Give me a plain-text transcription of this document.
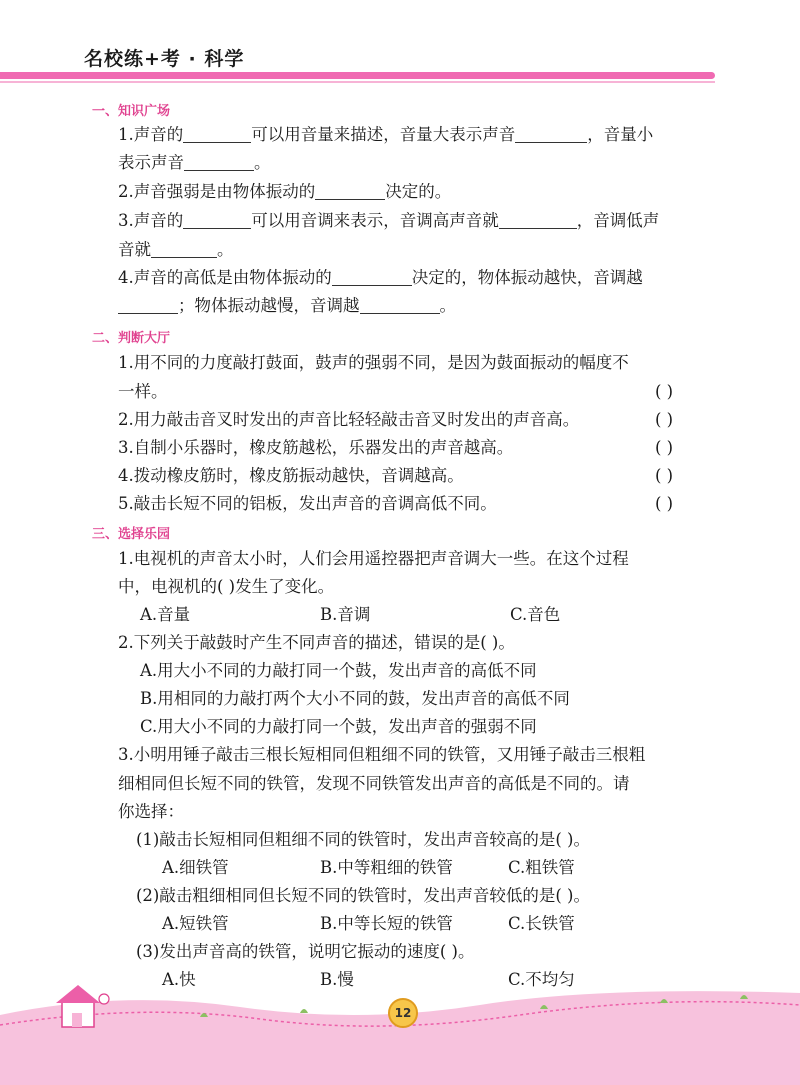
名校练+考 · 科学
一、知识广场
1.声音的	可以用音量来描述，音量大表示声音	，音量小
表示声音	。
2.声音强弱是由物体振动的	决定的。
3.声音的	可以用音调来表示，音调高声音就	，音调低声
音就	。
4.声音的高低是由物体振动的	决定的，物体振动越快，音调越
；物体振动越慢，音调越	。
二、判断大厅
1.用不同的力度敲打鼓面，鼓声的强弱不同，是因为鼓面振动的幅度不
一样。	( )
2.用力敲击音叉时发出的声音比轻轻敲击音叉时发出的声音高。	( )
3.自制小乐器时，橡皮筋越松，乐器发出的声音越高。	( )
4.拨动橡皮筋时，橡皮筋振动越快，音调越高。	( )
5.敲击长短不同的铝板，发出声音的音调高低不同。	( )
三、选择乐园
1.电视机的声音太小时，人们会用遥控器把声音调大一些。在这个过程
中，电视机的( )发生了变化。
A.音量	B.音调	C.音色
2.下列关于敲鼓时产生不同声音的描述，错误的是( )。
A.用大小不同的力敲打同一个鼓，发出声音的高低不同
B.用相同的力敲打两个大小不同的鼓，发出声音的高低不同
C.用大小不同的力敲打同一个鼓，发出声音的强弱不同
3.小明用锤子敲击三根长短相同但粗细不同的铁管，又用锤子敲击三根粗
细相同但长短不同的铁管，发现不同铁管发出声音的高低是不同的。请
你选择：
(1)敲击长短相同但粗细不同的铁管时，发出声音较高的是( )。
A.细铁管	B.中等粗细的铁管	C.粗铁管
(2)敲击粗细相同但长短不同的铁管时，发出声音较低的是( )。
A.短铁管	B.中等长短的铁管	C.长铁管
(3)发出声音高的铁管，说明它振动的速度( )。
A.快	B.慢	C.不均匀
12
